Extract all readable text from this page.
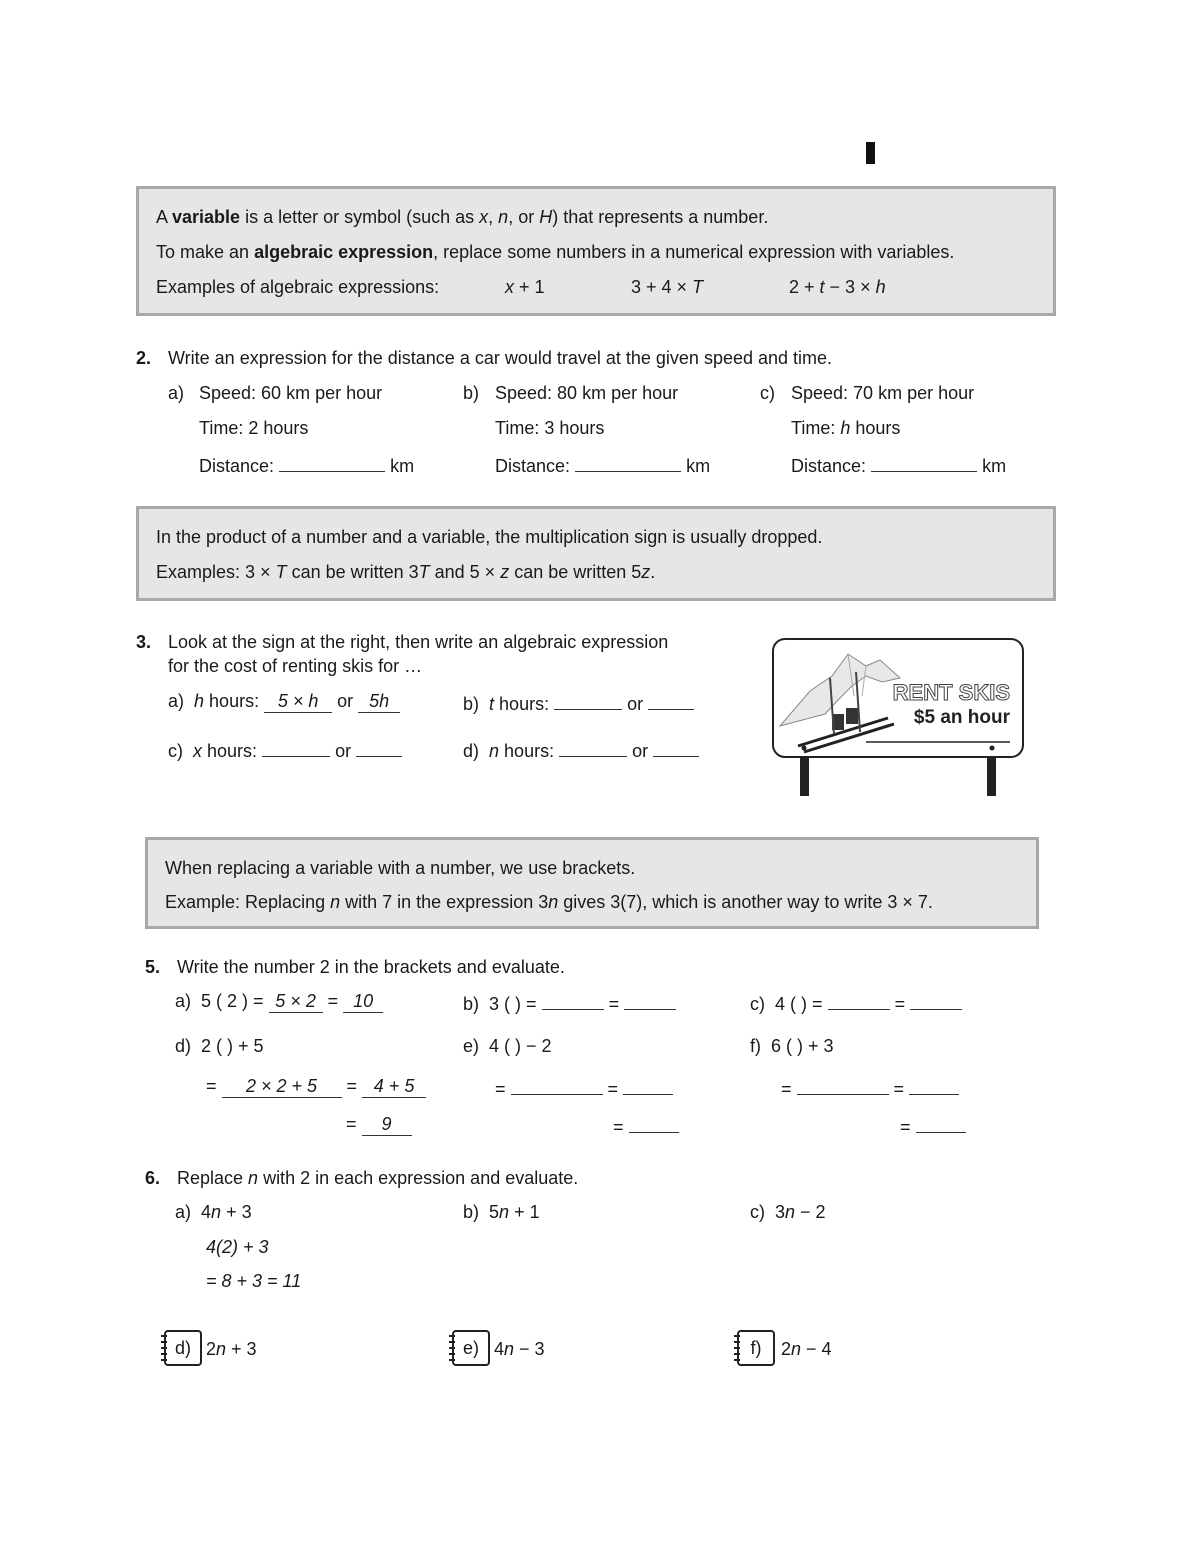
A variable is a letter or symbol (such as x, n, or H) that represents a number.
To make an algebraic expression, replace some numbers in a numerical expression with variables.
Examples of algebraic expressions:	x + 1	3 + 4 × T	2 + t − 3 × h
2. Write an expression for the distance a car would travel at the given speed and time.
a) Speed: 60 km per hour
Time: 2 hours
Distance:	km
b) Speed: 80 km per hour
Time: 3 hours
Distance:	km
c) Speed: 70 km per hour
Time: h hours
Distance:	km
In the product of a number and a variable, the multiplication sign is usually dropped.
Examples: 3 × T can be written 3T and 5 × z can be written 5z.
3. Look at the sign at the right, then write an algebraic expression
for the cost of renting skis for …
a) h hours: 5 × h or 5h	b) t hours:	or
c) x hours:	or	d) n hours:	or
RENT SKIS
$5 an hour
When replacing a variable with a number, we use brackets.
Example: Replacing n with 7 in the expression 3n gives 3(7), which is another way to write 3 × 7.
5. Write the number 2 in the brackets and evaluate.
a) 5 ( 2 ) = 5 × 2 = 10	b) 3 ( ) =	=	c) 4 ( ) =	=
d) 2 ( ) + 5
= 2 × 2 + 5 = 4 + 5
= 9
e) 4 ( ) − 2
=	=
=
f) 6 ( ) + 3
=	=
=
6. Replace n with 2 in each expression and evaluate.
a) 4n + 3
4(2) + 3
= 8 + 3 = 11
b) 5n + 1	c) 3n − 2
d) 2n + 3	e) 4n − 3	f)	2n − 4
